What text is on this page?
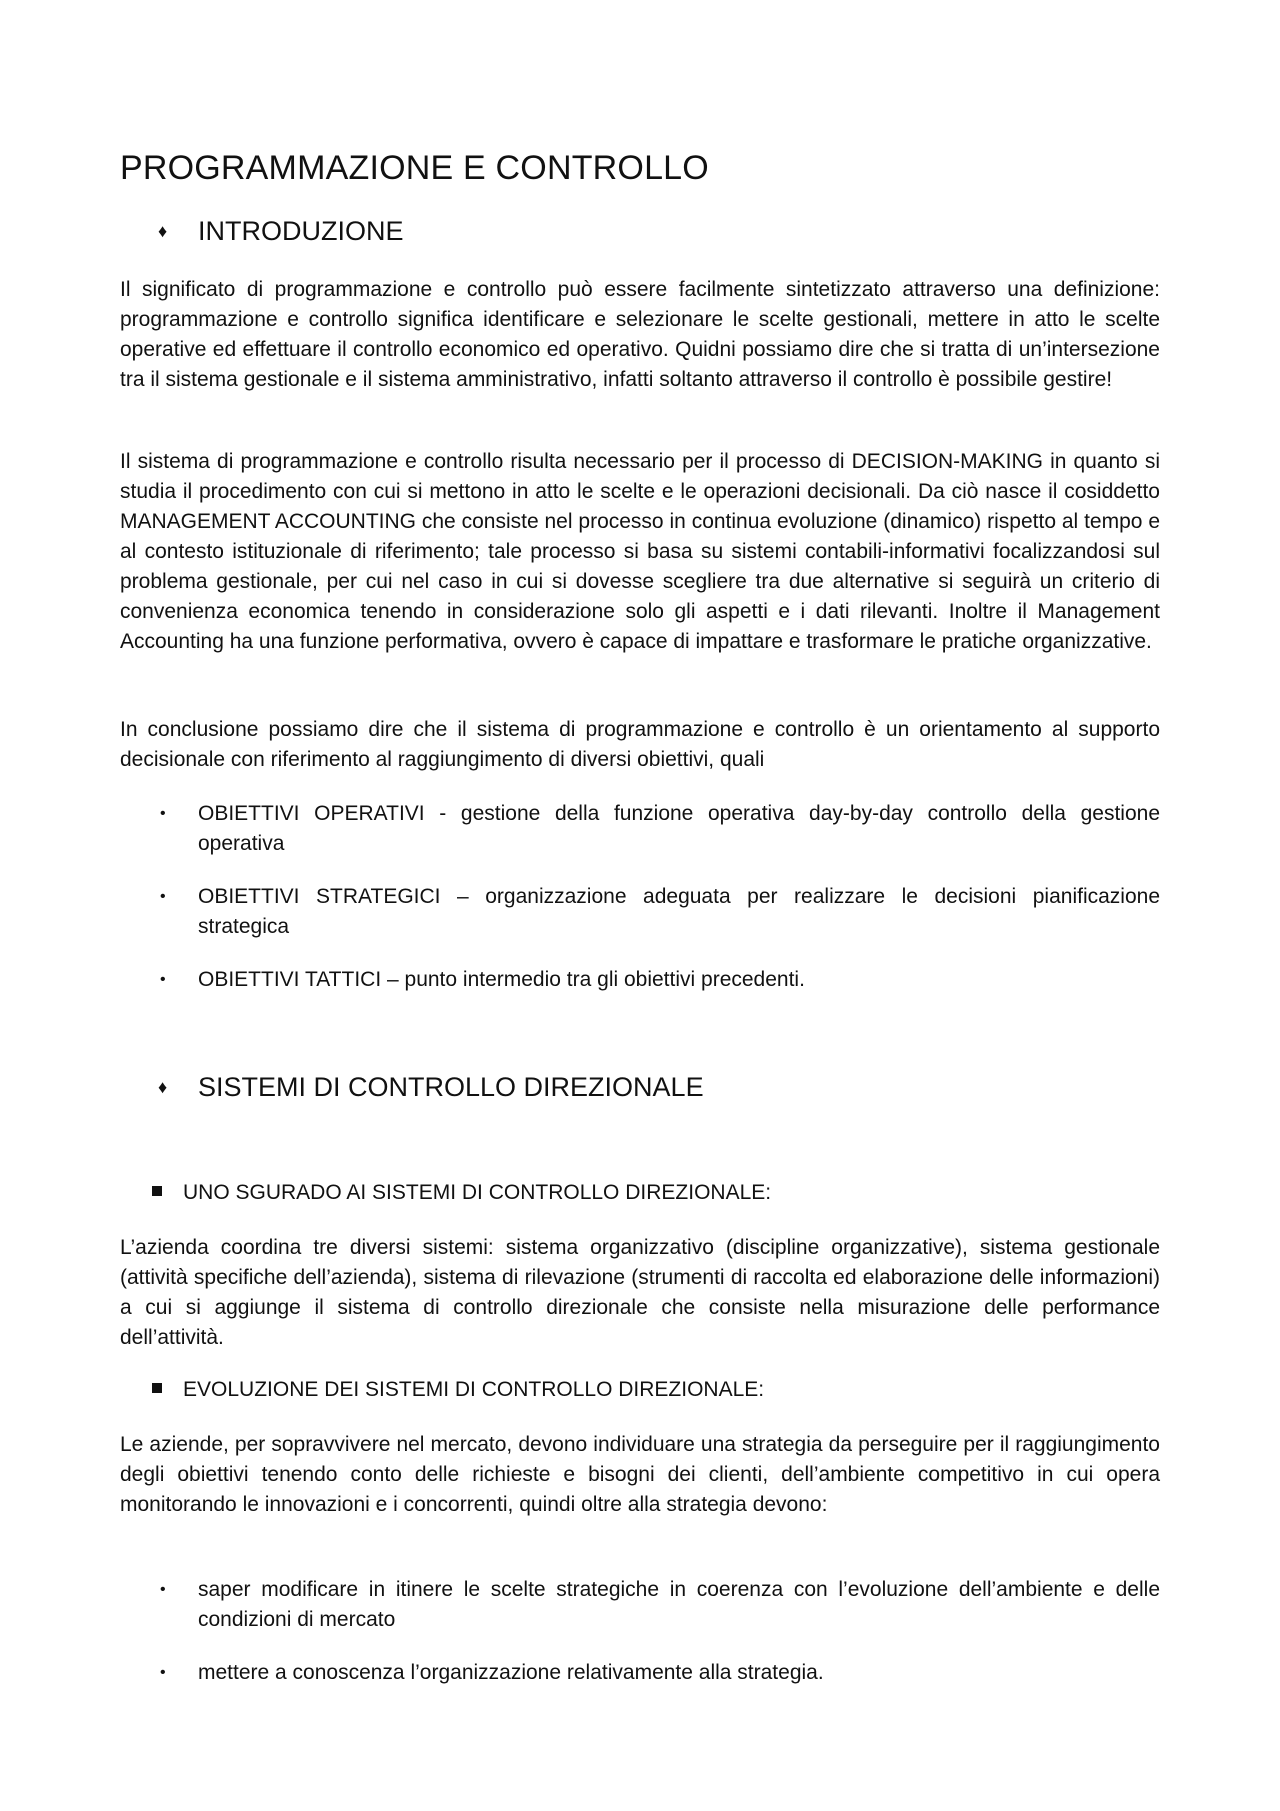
PROGRAMMAZIONE E CONTROLLO
♦ INTRODUZIONE

Il significato di programmazione e controllo può essere facilmente sintetizzato attraverso una definizione: programmazione e controllo significa identificare e selezionare le scelte gestionali, mettere in atto le scelte operative ed effettuare il controllo economico ed operativo. Quidni possiamo dire che si tratta di un’intersezione tra il sistema gestionale e il sistema amministrativo, infatti soltanto attraverso il controllo è possibile gestire!

Il sistema di programmazione e controllo risulta necessario per il processo di DECISION-MAKING in quanto si studia il procedimento con cui si mettono in atto le scelte e le operazioni decisionali. Da ciò nasce il cosiddetto MANAGEMENT ACCOUNTING che consiste nel processo in continua evoluzione (dinamico) rispetto al tempo e al contesto istituzionale di riferimento; tale processo si basa su sistemi contabili-informativi focalizzandosi sul problema gestionale, per cui nel caso in cui si dovesse scegliere tra due alternative si seguirà un criterio di convenienza economica tenendo in considerazione solo gli aspetti e i dati rilevanti. Inoltre il Management Accounting ha una funzione performativa, ovvero è capace di impattare e trasformare le pratiche organizzative.

In conclusione possiamo dire che il sistema di programmazione e controllo è un orientamento al supporto decisionale con riferimento al raggiungimento di diversi obiettivi, quali

• OBIETTIVI OPERATIVI - gestione della funzione operativa day-by-day controllo della gestione operativa
• OBIETTIVI STRATEGICI – organizzazione adeguata per realizzare le decisioni pianificazione strategica
• OBIETTIVI TATTICI – punto intermedio tra gli obiettivi precedenti.
♦ SISTEMI DI CONTROLLO DIREZIONALE
UNO SGURADO AI SISTEMI DI CONTROLLO DIREZIONALE:

L’azienda coordina tre diversi sistemi: sistema organizzativo (discipline organizzative), sistema gestionale (attività specifiche dell’azienda), sistema di rilevazione (strumenti di raccolta ed elaborazione delle informazioni) a cui si aggiunge il sistema di controllo direzionale che consiste nella misurazione delle performance dell’attività.

EVOLUZIONE DEI SISTEMI DI CONTROLLO DIREZIONALE:

Le aziende, per sopravvivere nel mercato, devono individuare una strategia da perseguire per il raggiungimento degli obiettivi tenendo conto delle richieste e bisogni dei clienti, dell’ambiente competitivo in cui opera monitorando le innovazioni e i concorrenti, quindi oltre alla strategia devono:

• saper modificare in itinere le scelte strategiche in coerenza con l’evoluzione dell’ambiente e delle condizioni di mercato
• mettere a conoscenza l’organizzazione relativamente alla strategia.
